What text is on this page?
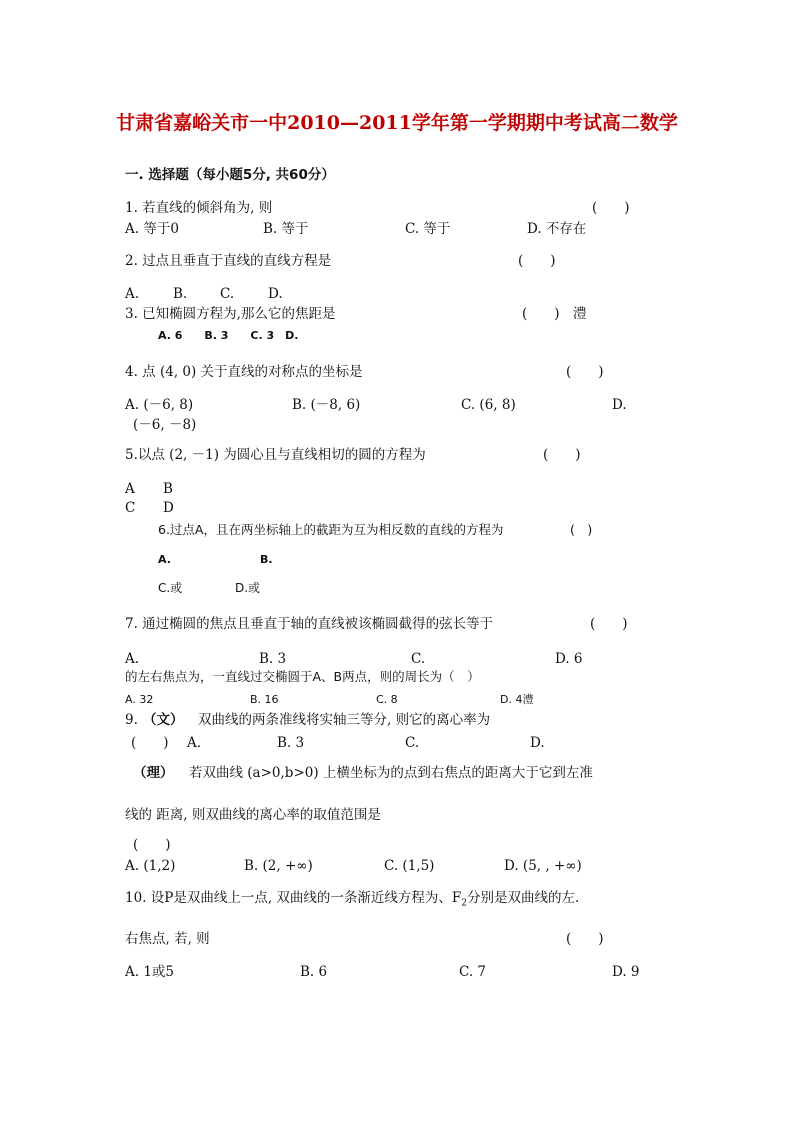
甘肃省嘉峪关市一中2010—2011学年第一学期期中考试高二数学
一. 选择题（每小题5分, 共60分）
1. 若直线的倾斜角为, 则	(　　)
A. 等于0	B. 等于	C. 等于	D. 不存在
2. 过点且垂直于直线的直线方程是	(　　)
A.	B. C.	D.
3. 已知椭圆方程为,那么它的焦距是	(　　) 澧
A. 6　　B. 3　　C. 3　D.
4. 点 (4, 0) 关于直线的对称点的坐标是	(　　)
A. (－6, 8)	B. (－8, 6)	C. (6, 8)	D.
(－6, －8)
5.以点 (2, －1) 为圆心且与直线相切的圆的方程为	(　　)
A B
C D
6.过点A，且在两坐标轴上的截距为互为相反数的直线的方程为	(　)
A.	B.
C.或	D.或
7. 通过椭圆的焦点且垂直于轴的直线被该椭圆截得的弦长等于	(　　)
A.	B. 3	C.	D. 6
的左右焦点为，一直线过交椭圆于A、B两点，则的周长为（　）
A. 32	B. 16	C. 8	D. 4澧
9. （文） 双曲线的两条准线将实轴三等分, 则它的离心率为
(　　) A.	B. 3	C.	D.
（理） 若双曲线 (a>0,b>0) 上横坐标为的点到右焦点的距离大于它到左准
线的 距离, 则双曲线的离心率的取值范围是
(　　)
A. (1,2)	B. (2, +∞)	C. (1,5)	D. (5, , +∞)
10. 设P是双曲线上一点, 双曲线的一条渐近线方程为、$F_2$分别是双曲线的左.
右焦点, 若, 则	(　　)
A. 1或5	B. 6	C. 7	D. 9
